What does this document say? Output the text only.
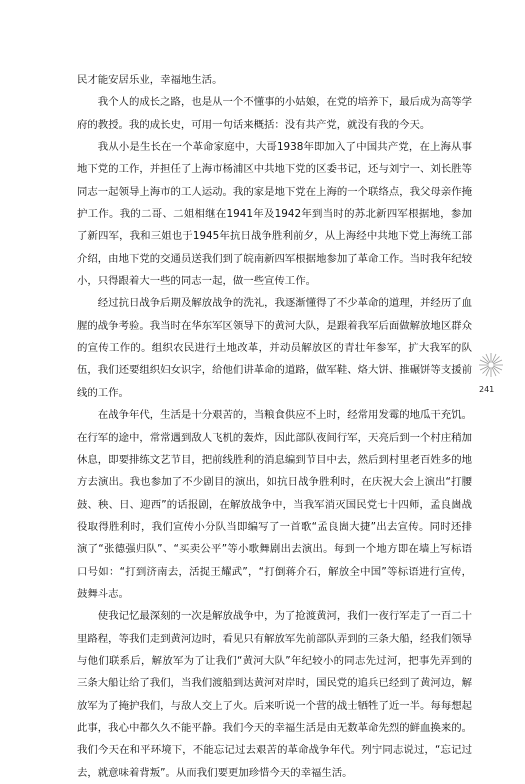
民才能安居乐业，幸福地生活。

我个人的成长之路，也是从一个不懂事的小姑娘，在党的培养下，最后成为高等学府的教授。我的成长史，可用一句话来概括：没有共产党，就没有我的今天。

我从小是生长在一个革命家庭中，大哥1938年即加入了中国共产党，在上海从事地下党的工作，并担任了上海市杨浦区中共地下党的区委书记，还与刘宁一、刘长胜等同志一起领导上海市的工人运动。我的家是地下党在上海的一个联络点，我父母亲作掩护工作。我的二哥、二姐相继在1941年及1942年到当时的苏北新四军根据地，参加了新四军，我和三姐也于1945年抗日战争胜利前夕，从上海经中共地下党上海统工部介绍，由地下党的交通员送我们到了皖南新四军根据地参加了革命工作。当时我年纪较小，只得跟着大一些的同志一起，做一些宣传工作。

经过抗日战争后期及解放战争的洗礼，我逐渐懂得了不少革命的道理，并经历了血腥的战争考验。我当时在华东军区领导下的黄河大队，是跟着我军后面做解放地区群众的宣传工作的。组织农民进行土地改革，并动员解放区的青壮年参军，扩大我军的队伍，我们还要组织妇女识字，给他们讲革命的道路，做军鞋、烙大饼、推碾饼等支援前线的工作。

在战争年代，生活是十分艰苦的，当粮食供应不上时，经常用发霉的地瓜干充饥。在行军的途中，常常遇到敌人飞机的轰炸，因此部队夜间行军，天亮后到一个村庄稍加休息，即要排练文艺节目，把前线胜利的消息编到节目中去，然后到村里老百姓多的地方去演出。我也参加了不少剧目的演出，如抗日战争胜利时，在庆祝大会上演出“打腰鼓、秧、日、迎西”的话报剧，在解放战争中，当我军消灭国民党七十四师，孟良崮战役取得胜利时，我们宣传小分队当即编写了一首歌“孟良崮大捷”出去宣传。同时还排演了“张德强归队”、“买卖公平”等小歌舞剧出去演出。每到一个地方即在墙上写标语口号如：“打到济南去，活捉王耀武”，“打倒蒋介石，解放全中国”等标语进行宣传，鼓舞斗志。

使我记忆最深刻的一次是解放战争中，为了抢渡黄河，我们一夜行军走了一百二十里路程，等我们走到黄河边时，看见只有解放军先前部队弄到的三条大船，经我们领导与他们联系后，解放军为了让我们“黄河大队”年纪较小的同志先过河，把事先弄到的三条大船让给了我们，当我们渡船到达黄河对岸时，国民党的追兵已经到了黄河边，解放军为了掩护我们，与敌人交上了火。后来听说一个营的战士牺牲了近一半。每每想起此事，我心中都久久不能平静。我们今天的幸福生活是由无数革命先烈的鲜血换来的。我们今天在和平环境下，不能忘记过去艰苦的革命战争年代。列宁同志说过，“忘记过去，就意味着背叛”。从而我们要更加珍惜今天的幸福生活。

241
